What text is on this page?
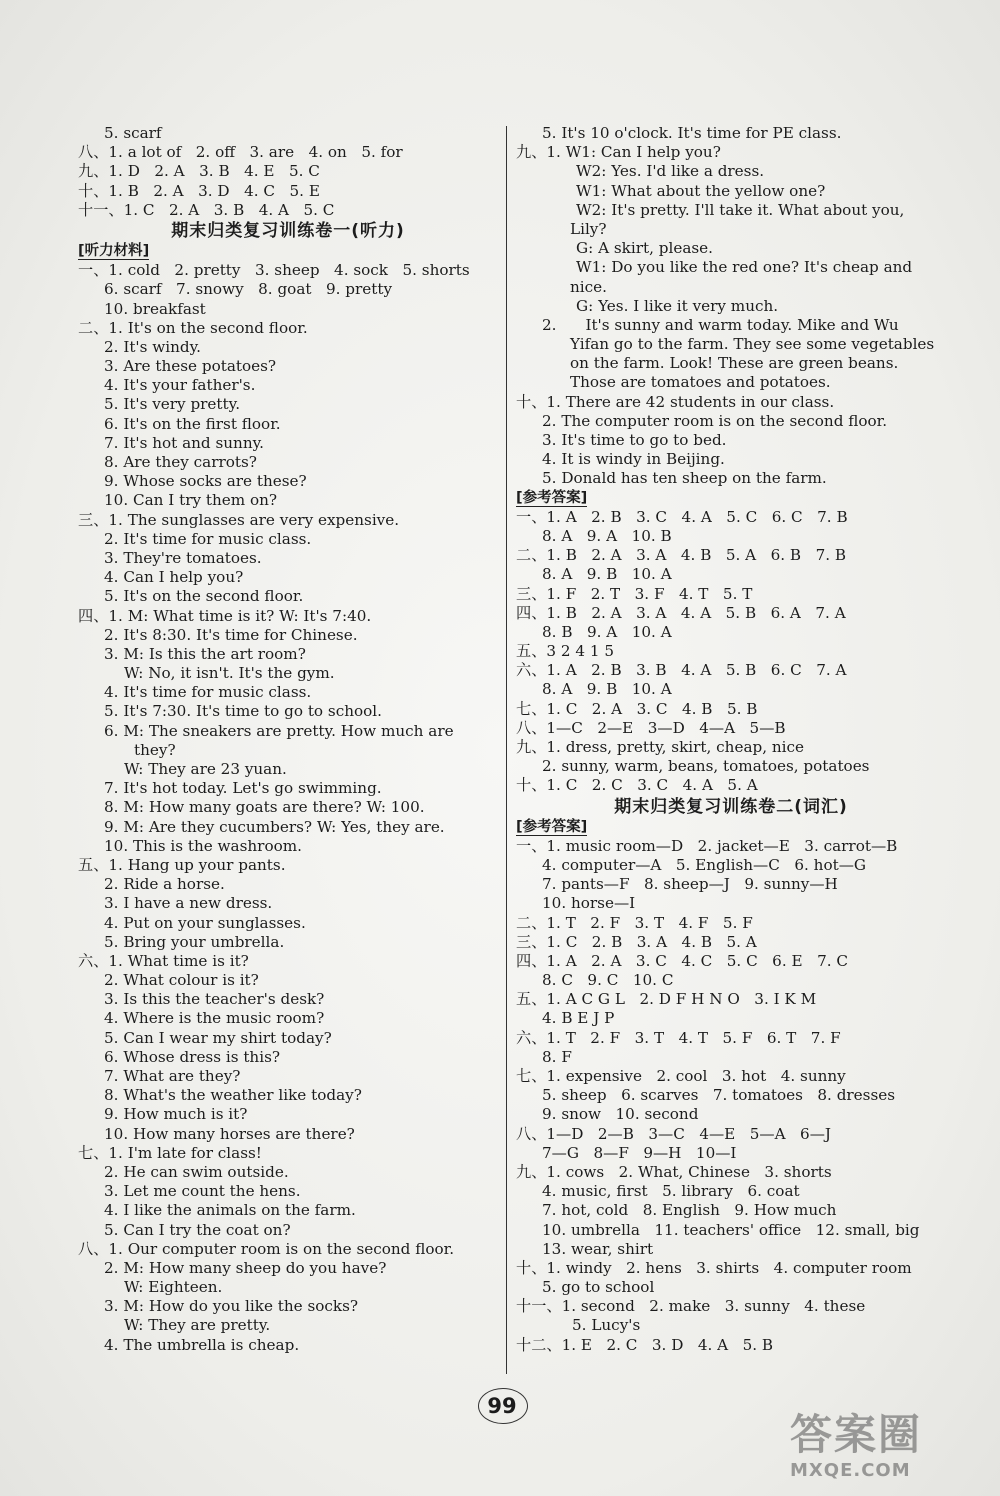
5. scarf
八、1. a lot of   2. off   3. are   4. on   5. for
九、1. D   2. A   3. B   4. E   5. C
十、1. B   2. A   3. D   4. C   5. E
十一、1. C   2. A   3. B   4. A   5. C
期末归类复习训练卷一(听力)
[听力材料]
一、1. cold   2. pretty   3. sheep   4. sock   5. shorts
6. scarf   7. snowy   8. goat   9. pretty
10. breakfast
二、1. It's on the second floor.
2. It's windy.
3. Are these potatoes?
4. It's your father's.
5. It's very pretty.
6. It's on the first floor.
7. It's hot and sunny.
8. Are they carrots?
9. Whose socks are these?
10. Can I try them on?
三、1. The sunglasses are very expensive.
2. It's time for music class.
3. They're tomatoes.
4. Can I help you?
5. It's on the second floor.
四、1. M: What time is it? W: It's 7:40.
2. It's 8:30. It's time for Chinese.
3. M: Is this the art room?
W: No, it isn't. It's the gym.
4. It's time for music class.
5. It's 7:30. It's time to go to school.
6. M: The sneakers are pretty. How much are
they?
W: They are 23 yuan.
7. It's hot today. Let's go swimming.
8. M: How many goats are there? W: 100.
9. M: Are they cucumbers? W: Yes, they are.
10. This is the washroom.
五、1. Hang up your pants.
2. Ride a horse.
3. I have a new dress.
4. Put on your sunglasses.
5. Bring your umbrella.
六、1. What time is it?
2. What colour is it?
3. Is this the teacher's desk?
4. Where is the music room?
5. Can I wear my shirt today?
6. Whose dress is this?
7. What are they?
8. What's the weather like today?
9. How much is it?
10. How many horses are there?
七、1. I'm late for class!
2. He can swim outside.
3. Let me count the hens.
4. I like the animals on the farm.
5. Can I try the coat on?
八、1. Our computer room is on the second floor.
2. M: How many sheep do you have?
W: Eighteen.
3. M: How do you like the socks?
W: They are pretty.
4. The umbrella is cheap.
5. It's 10 o'clock. It's time for PE class.
九、1. W1: Can I help you?
W2: Yes. I'd like a dress.
W1: What about the yellow one?
W2: It's pretty. I'll take it. What about you,
Lily?
G: A skirt, please.
W1: Do you like the red one? It's cheap and
nice.
G: Yes. I like it very much.
2.      It's sunny and warm today. Mike and Wu
Yifan go to the farm. They see some vegetables
on the farm. Look! These are green beans.
Those are tomatoes and potatoes.
十、1. There are 42 students in our class.
2. The computer room is on the second floor.
3. It's time to go to bed.
4. It is windy in Beijing.
5. Donald has ten sheep on the farm.
[参考答案]
一、1. A   2. B   3. C   4. A   5. C   6. C   7. B
8. A   9. A   10. B
二、1. B   2. A   3. A   4. B   5. A   6. B   7. B
8. A   9. B   10. A
三、1. F   2. T   3. F   4. T   5. T
四、1. B   2. A   3. A   4. A   5. B   6. A   7. A
8. B   9. A   10. A
五、3 2 4 1 5
六、1. A   2. B   3. B   4. A   5. B   6. C   7. A
8. A   9. B   10. A
七、1. C   2. A   3. C   4. B   5. B
八、1—C   2—E   3—D   4—A   5—B
九、1. dress, pretty, skirt, cheap, nice
2. sunny, warm, beans, tomatoes, potatoes
十、1. C   2. C   3. C   4. A   5. A
期末归类复习训练卷二(词汇)
[参考答案]
一、1. music room—D   2. jacket—E   3. carrot—B
4. computer—A   5. English—C   6. hot—G
7. pants—F   8. sheep—J   9. sunny—H
10. horse—I
二、1. T   2. F   3. T   4. F   5. F
三、1. C   2. B   3. A   4. B   5. A
四、1. A   2. A   3. C   4. C   5. C   6. E   7. C
8. C   9. C   10. C
五、1. A C G L   2. D F H N O   3. I K M
4. B E J P
六、1. T   2. F   3. T   4. T   5. F   6. T   7. F
8. F
七、1. expensive   2. cool   3. hot   4. sunny
5. sheep   6. scarves   7. tomatoes   8. dresses
9. snow   10. second
八、1—D   2—B   3—C   4—E   5—A   6—J
7—G   8—F   9—H   10—I
九、1. cows   2. What, Chinese   3. shorts
4. music, first   5. library   6. coat
7. hot, cold   8. English   9. How much
10. umbrella   11. teachers' office   12. small, big
13. wear, shirt
十、1. windy   2. hens   3. shirts   4. computer room
5. go to school
十一、1. second   2. make   3. sunny   4. these
5. Lucy's
十二、1. E   2. C   3. D   4. A   5. B
99
答案圈
MXQE.COM
